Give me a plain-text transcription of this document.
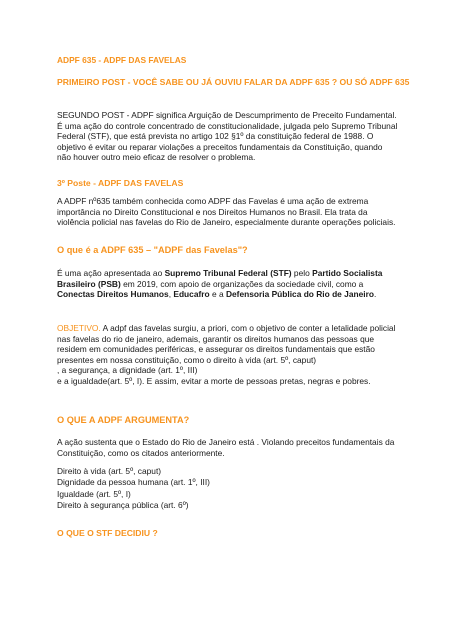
ADPF 635 - ADPF DAS FAVELAS
PRIMEIRO POST - VOCÊ SABE OU JÁ OUVIU FALAR DA ADPF 635 ? OU SÓ ADPF 635
SEGUNDO POST - ADPF significa Arguição de Descumprimento de Preceito Fundamental.
É uma ação do controle concentrado de constitucionalidade, julgada pelo Supremo Tribunal
Federal (STF), que está prevista no artigo 102 §1º da constituição federal de 1988. O
objetivo é evitar ou reparar violações a preceitos fundamentais da Constituição, quando
não houver outro meio eficaz de resolver o problema.
3º Poste - ADPF DAS FAVELAS
A ADPF nº635 também conhecida como ADPF das Favelas é uma ação de extrema
importância no Direito Constitucional e nos Direitos Humanos no Brasil. Ela trata da
violência policial nas favelas do Rio de Janeiro, especialmente durante operações policiais.
O que é a ADPF 635 – "ADPF das Favelas"?
É uma ação apresentada ao Supremo Tribunal Federal (STF) pelo Partido Socialista
Brasileiro (PSB) em 2019, com apoio de organizações da sociedade civil, como a
Conectas Direitos Humanos, Educafro e a Defensoria Pública do Rio de Janeiro.
OBJETIVO. A adpf das favelas surgiu, a priori, com o objetivo de conter a letalidade policial
nas favelas do rio de janeiro, ademais, garantir os direitos humanos das pessoas que
residem em comunidades periféricas, e assegurar os direitos fundamentais que estão
presentes em nossa constituição, como o direito à vida (art. 5º, caput)
, a segurança, a dignidade (art. 1º, III)
e a igualdade(art. 5º, I). E assim, evitar a morte de pessoas pretas, negras e pobres.
O QUE A ADPF ARGUMENTA?
A ação sustenta que o Estado do Rio de Janeiro está . Violando preceitos fundamentais da
Constituição, como os citados anteriormente.
Direito à vida (art. 5º, caput)
Dignidade da pessoa humana (art. 1º, III)
Igualdade (art. 5º, I)
Direito à segurança pública (art. 6º)
O QUE O STF DECIDIU ?
